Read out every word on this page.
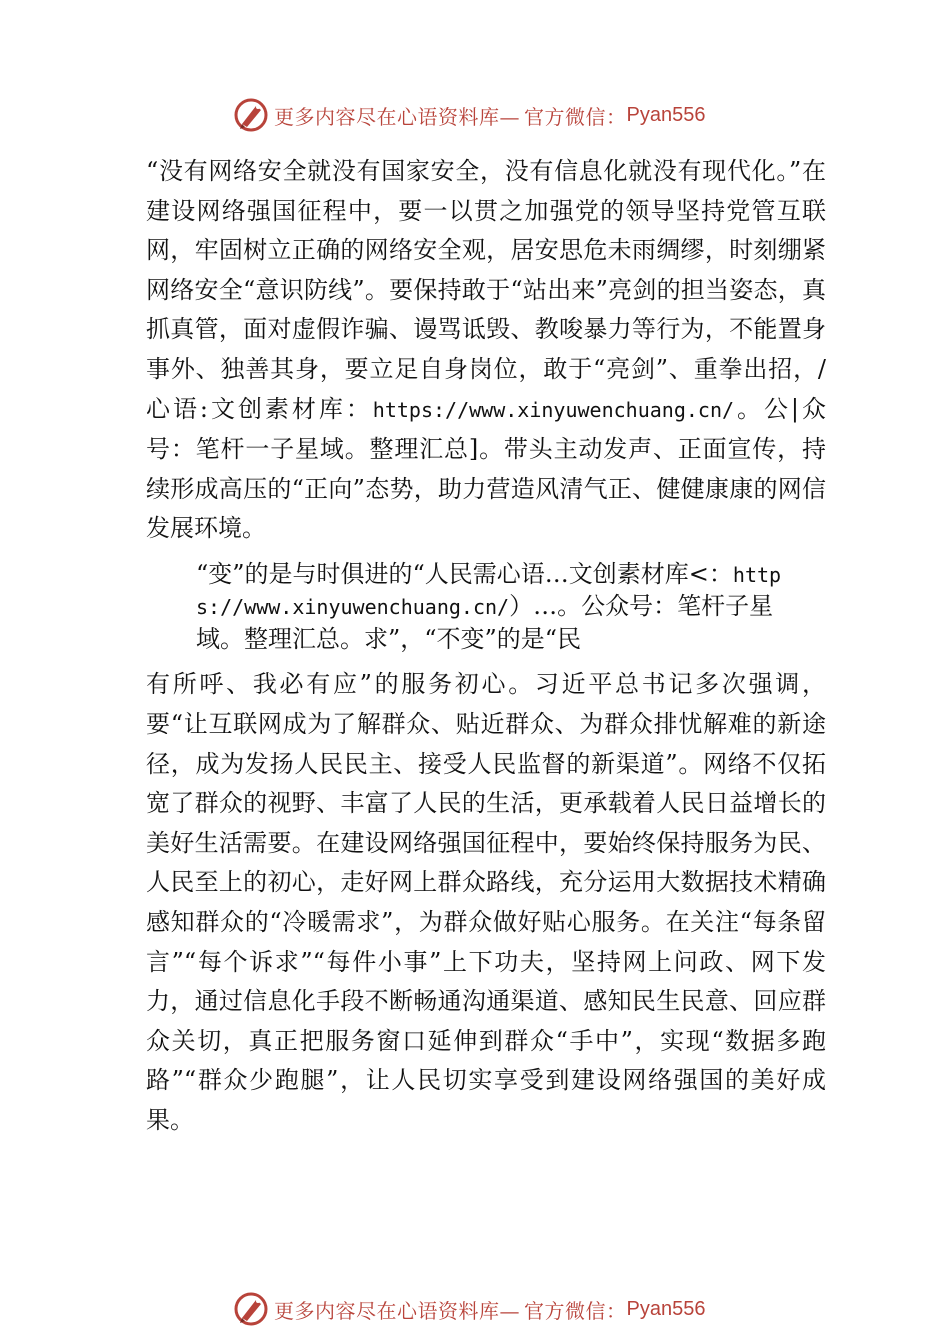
更多内容尽在心语资料库— 官方微信： Pyan556

“没有网络安全就没有国家安全，没有信息化就没有现代化。”在建设网络强国征程中，要一以贯之加强党的领导坚持党管互联网，牢固树立正确的网络安全观，居安思危未雨绸缪，时刻绷紧网络安全“意识防线”。要保持敢于“站出来”亮剑的担当姿态，真抓真管，面对虚假诈骗、谩骂诋毁、教唆暴力等行为，不能置身事外、独善其身，要立足自身岗位，敢于“亮剑”、重拳出招，/心语:文创素材库：https://www.xinyuwenchuang.cn/。公|众号：笔杆一子星域。整理汇总]。带头主动发声、正面宣传，持续形成高压的“正向”态势，助力营造风清气正、健健康康的网信发展环境。

“变”的是与时俱进的“人民需心语…文创素材库<：https://www.xinyuwenchuang.cn/）…。公众号：笔杆子星域。整理汇总。求”，“不变”的是“民

有所呼、我必有应”的服务初心。习近平总书记多次强调， 要“让互联网成为了解群众、贴近群众、为群众排忧解难的新途径，成为发扬人民民主、接受人民监督的新渠道”。网络不仅拓宽了群众的视野、丰富了人民的生活，更承载着人民日益增长的美好生活需要。在建设网络强国征程中，要始终保持服务为民、人民至上的初心，走好网上群众路线，充分运用大数据技术精确感知群众的“冷暖需求”，为群众做好贴心服务。在关注“每条留言”“每个诉求”“每件小事”上下功夫，坚持网上问政、网下发力，通过信息化手段不断畅通沟通渠道、感知民生民意、回应群众关切，真正把服务窗口延伸到群众“手中”，实现“数据多跑路”“群众少跑腿”，让人民切实享受到建设网络强国的美好成果。

更多内容尽在心语资料库— 官方微信： Pyan556
